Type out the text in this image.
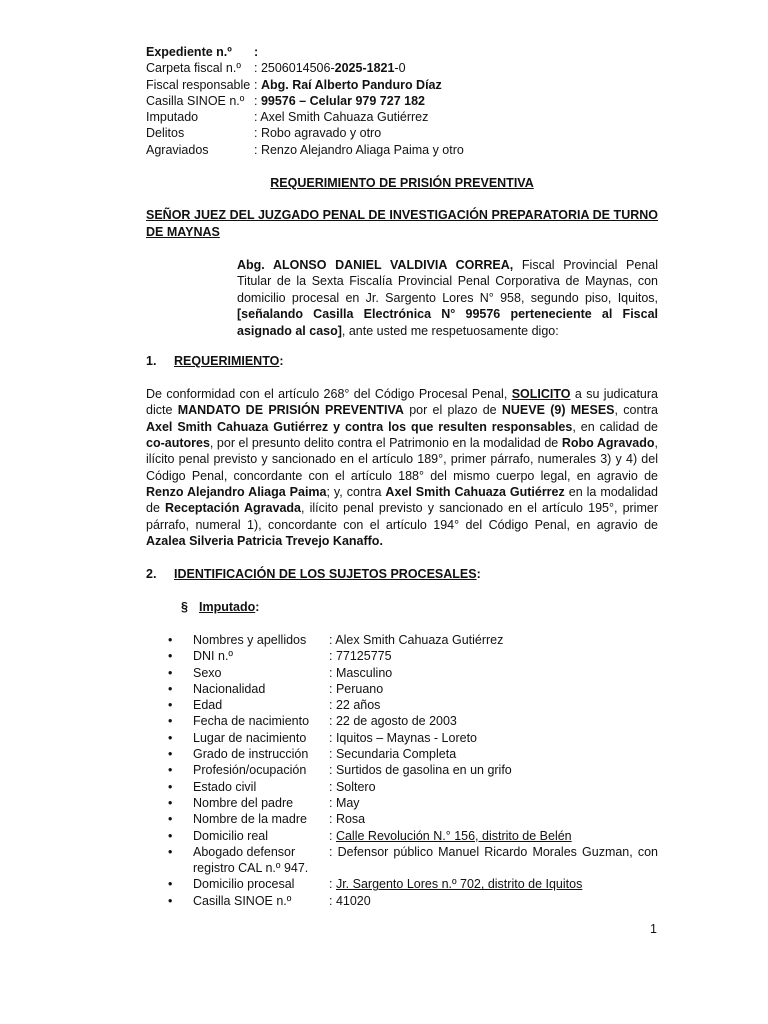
Expediente n.º :
Carpeta fiscal n.º : 2506014506-2025-1821-0
Fiscal responsable : Abg. Raí Alberto Panduro Díaz
Casilla SINOE n.º : 99576 – Celular 979 727 182
Imputado	: Axel Smith Cahuaza Gutiérrez
Delitos	: Robo agravado y otro
Agraviados	: Renzo Alejandro Aliaga Paima y otro
REQUERIMIENTO DE PRISIÓN PREVENTIVA
SEÑOR JUEZ DEL JUZGADO PENAL DE INVESTIGACIÓN PREPARATORIA DE TURNO DE MAYNAS
Abg. ALONSO DANIEL VALDIVIA CORREA, Fiscal Provincial Penal Titular de la Sexta Fiscalía Provincial Penal Corporativa de Maynas, con domicilio procesal en Jr. Sargento Lores N° 958, segundo piso, Iquitos, [señalando Casilla Electrónica N° 99576 perteneciente al Fiscal asignado al caso], ante usted me respetuosamente digo:
1. REQUERIMIENTO:
De conformidad con el artículo 268° del Código Procesal Penal, SOLICITO a su judicatura dicte MANDATO DE PRISIÓN PREVENTIVA por el plazo de NUEVE (9) MESES, contra Axel Smith Cahuaza Gutiérrez y contra los que resulten responsables, en calidad de co-autores, por el presunto delito contra el Patrimonio en la modalidad de Robo Agravado, ilícito penal previsto y sancionado en el artículo 189°, primer párrafo, numerales 3) y 4) del Código Penal, concordante con el artículo 188° del mismo cuerpo legal, en agravio de Renzo Alejandro Aliaga Paima; y, contra Axel Smith Cahuaza Gutiérrez en la modalidad de Receptación Agravada, ilícito penal previsto y sancionado en el artículo 195°, primer párrafo, numeral 1), concordante con el artículo 194° del Código Penal, en agravio de Azalea Silveria Patricia Trevejo Kanaffo.
2. IDENTIFICACIÓN DE LOS SUJETOS PROCESALES:
§ Imputado:
• Nombres y apellidos : Alex Smith Cahuaza Gutiérrez
• DNI n.º	: 77125775
• Sexo	: Masculino
• Nacionalidad	: Peruano
• Edad	: 22 años
• Fecha de nacimiento : 22 de agosto de 2003
• Lugar de nacimiento : Iquitos – Maynas - Loreto
• Grado de instrucción : Secundaria Completa
• Profesión/ocupación : Surtidos de gasolina en un grifo
• Estado civil	: Soltero
• Nombre del padre	: May
• Nombre de la madre : Rosa
• Domicilio real	: Calle Revolución N.° 156, distrito de Belén
• Abogado defensor	: Defensor público Manuel Ricardo Morales Guzman, con registro CAL n.º 947.
• Domicilio procesal	: Jr. Sargento Lores n.º 702, distrito de Iquitos
• Casilla SINOE n.º	: 41020
1
